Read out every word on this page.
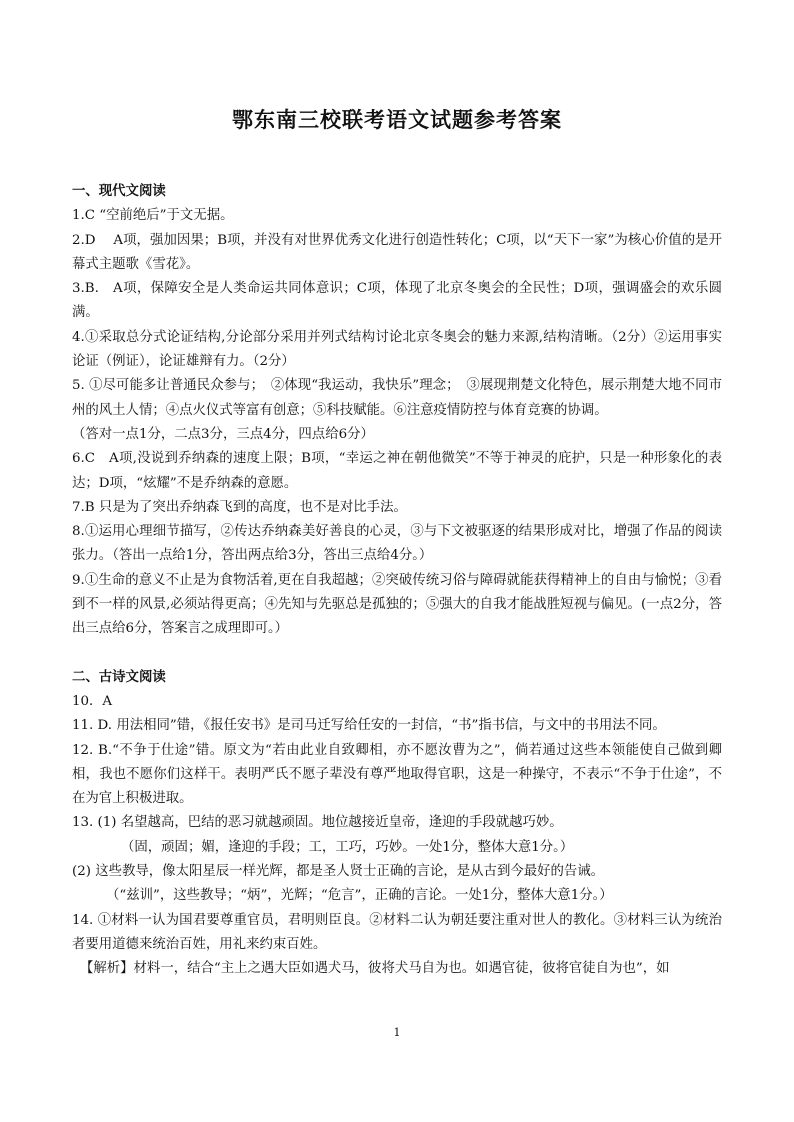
鄂东南三校联考语文试题参考答案

一、现代文阅读

1.C “空前绝后”于文无据。

2.D　 A项，强加因果；B项，并没有对世界优秀文化进行创造性转化；C项，以“天下一家”为核心价值的是开幕式主题歌《雪花》。

3.B.　A项，保障安全是人类命运共同体意识；C项，体现了北京冬奥会的全民性；D项，强调盛会的欢乐圆满。

4.①采取总分式论证结构,分论部分采用并列式结构讨论北京冬奥会的魅力来源,结构清晰。（2分）②运用事实论证（例证），论证雄辩有力。（2分）

5. ①尽可能多让普通民众参与；　②体现“我运动，我快乐”理念；　③展现荆楚文化特色，展示荆楚大地不同市州的风土人情；④点火仪式等富有创意；⑤科技赋能。⑥注意疫情防控与体育竞赛的协调。

（答对一点1分，二点3分，三点4分，四点给6分）

6.C　A项,没说到乔纳森的速度上限；B项，“幸运之神在朝他微笑”不等于神灵的庇护，只是一种形象化的表达；D项，“炫耀”不是乔纳森的意愿。

7.B 只是为了突出乔纳森飞到的高度，也不是对比手法。

8.①运用心理细节描写，②传达乔纳森美好善良的心灵，③与下文被驱逐的结果形成对比，增强了作品的阅读张力。（答出一点给1分，答出两点给3分，答出三点给4分。）

9.①生命的意义不止是为食物活着,更在自我超越；②突破传统习俗与障碍就能获得精神上的自由与愉悦；③看到不一样的风景,必须站得更高；④先知与先驱总是孤独的；⑤强大的自我才能战胜短视与偏见。(一点2分，答出三点给6分，答案言之成理即可。）

二、古诗文阅读

10．A

11. D. 用法相同”错，《报任安书》是司马迁写给任安的一封信，“书”指书信，与文中的书用法不同。

12. B.“不争于仕途”错。原文为“若由此业自致卿相，亦不愿汝曹为之”，倘若通过这些本领能使自己做到卿相，我也不愿你们这样干。表明严氏不愿子辈没有尊严地取得官职，这是一种操守，不表示“不争于仕途”，不在为官上积极进取。

13. (1) 名望越高，巴结的恶习就越顽固。地位越接近皇帝，逢迎的手段就越巧妙。

（固，顽固；媚，逢迎的手段；工，工巧，巧妙。一处1分，整体大意1分。）

(2) 这些教导，像太阳星辰一样光辉，都是圣人贤士正确的言论，是从古到今最好的告诫。

（“兹训”，这些教导；“炳”，光辉；“危言”，正确的言论。一处1分，整体大意1分。）

14. ①材料一认为国君要尊重官员，君明则臣良。②材料二认为朝廷要注重对世人的教化。③材料三认为统治者要用道德来统治百姓，用礼来约束百姓。

【解析】材料一，结合“主上之遇大臣如遇犬马，彼将犬马自为也。如遇官徒，彼将官徒自为也”，如

1
